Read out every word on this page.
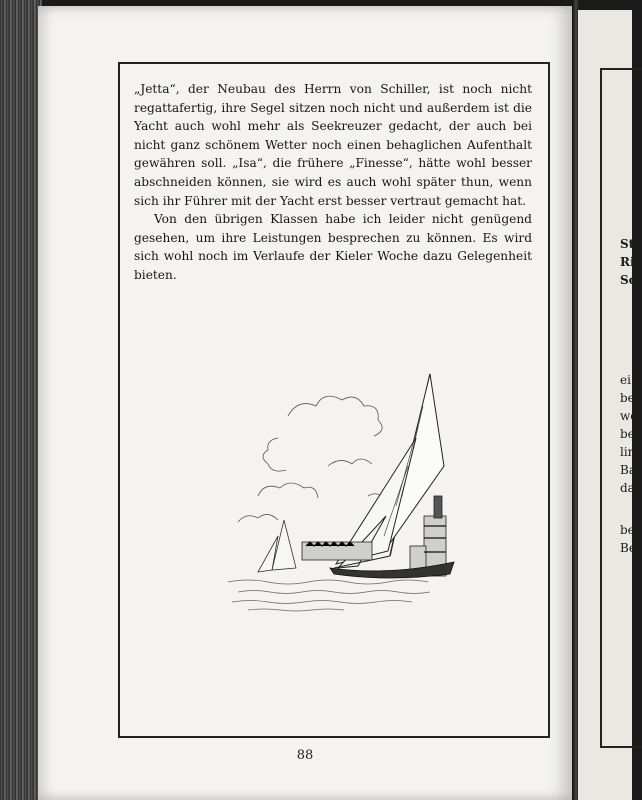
„Jetta“, der Neubau des Herrn von Schiller, ist noch nicht regattafertig, ihre Segel sitzen noch nicht und außerdem ist die Yacht auch wohl mehr als Seekreuzer gedacht, der auch bei nicht ganz schönem Wetter noch einen behaglichen Aufenthalt gewähren soll. „Isa“, die frühere „Finesse“, hätte wohl besser abschneiden können, sie wird es auch wohl später thun, wenn sich ihr Führer mit der Yacht erst besser vertraut gemacht hat.

Von den übrigen Klassen habe ich leider nicht genügend gesehen, um ihre Leistungen besprechen zu können. Es wird sich wohl noch im Verlaufe der Kieler Woche dazu Gelegenheit bieten.

88
St
Ri
Sc
ei
be
we
be
lin
Ba
da
be
Be
